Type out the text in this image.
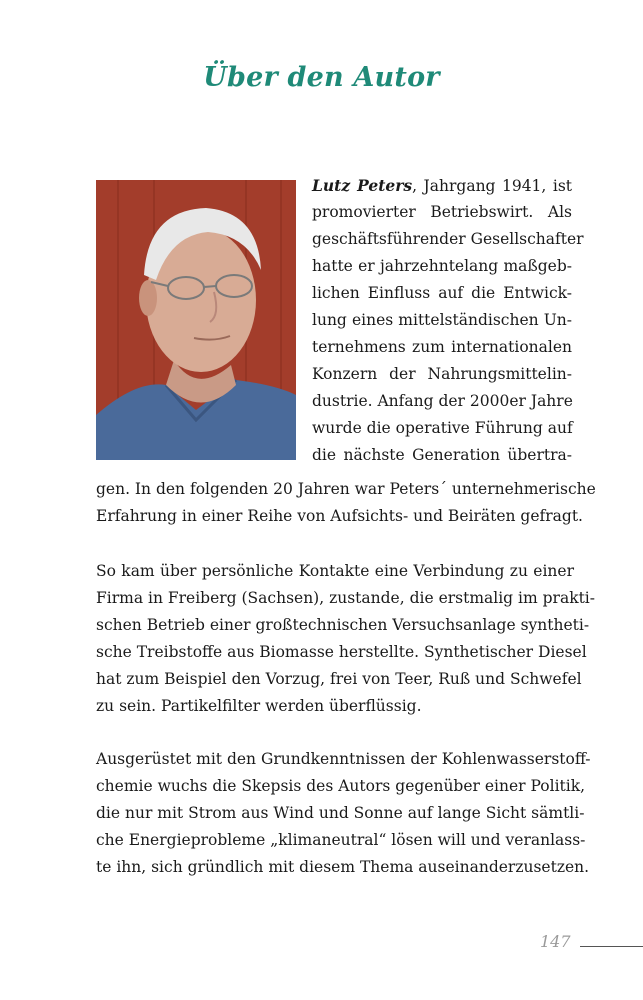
Über den Autor
Lutz Peters, Jahrgang 1941, ist
promovierter Betriebswirt. Als
geschäftsführender Gesellschafter
hatte er jahrzehntelang maßgeb-
lichen Einfluss auf die Entwick-
lung eines mittelständischen Un-
ternehmens zum internationalen
Konzern der Nahrungsmittelin-
dustrie. Anfang der 2000er Jahre
wurde die operative Führung auf
die nächste Generation übertra-
gen. In den folgenden 20 Jahren war Peters´ unternehmerische
Erfahrung in einer Reihe von Aufsichts- und Beiräten gefragt.
So kam über persönliche Kontakte eine Verbindung zu einer
Firma in Freiberg (Sachsen), zustande, die erstmalig im prakti-
schen Betrieb einer großtechnischen Versuchsanlage syntheti-
sche Treibstoffe aus Biomasse herstellte. Synthetischer Diesel
hat zum Beispiel den Vorzug, frei von Teer, Ruß und Schwefel
zu sein. Partikelfilter werden überflüssig.
Ausgerüstet mit den Grundkenntnissen der Kohlenwasserstoff-
chemie wuchs die Skepsis des Autors gegenüber einer Politik,
die nur mit Strom aus Wind und Sonne auf lange Sicht sämtli-
che Energieprobleme „klimaneutral“ lösen will und veranlass-
te ihn, sich gründlich mit diesem Thema auseinanderzusetzen.
147
